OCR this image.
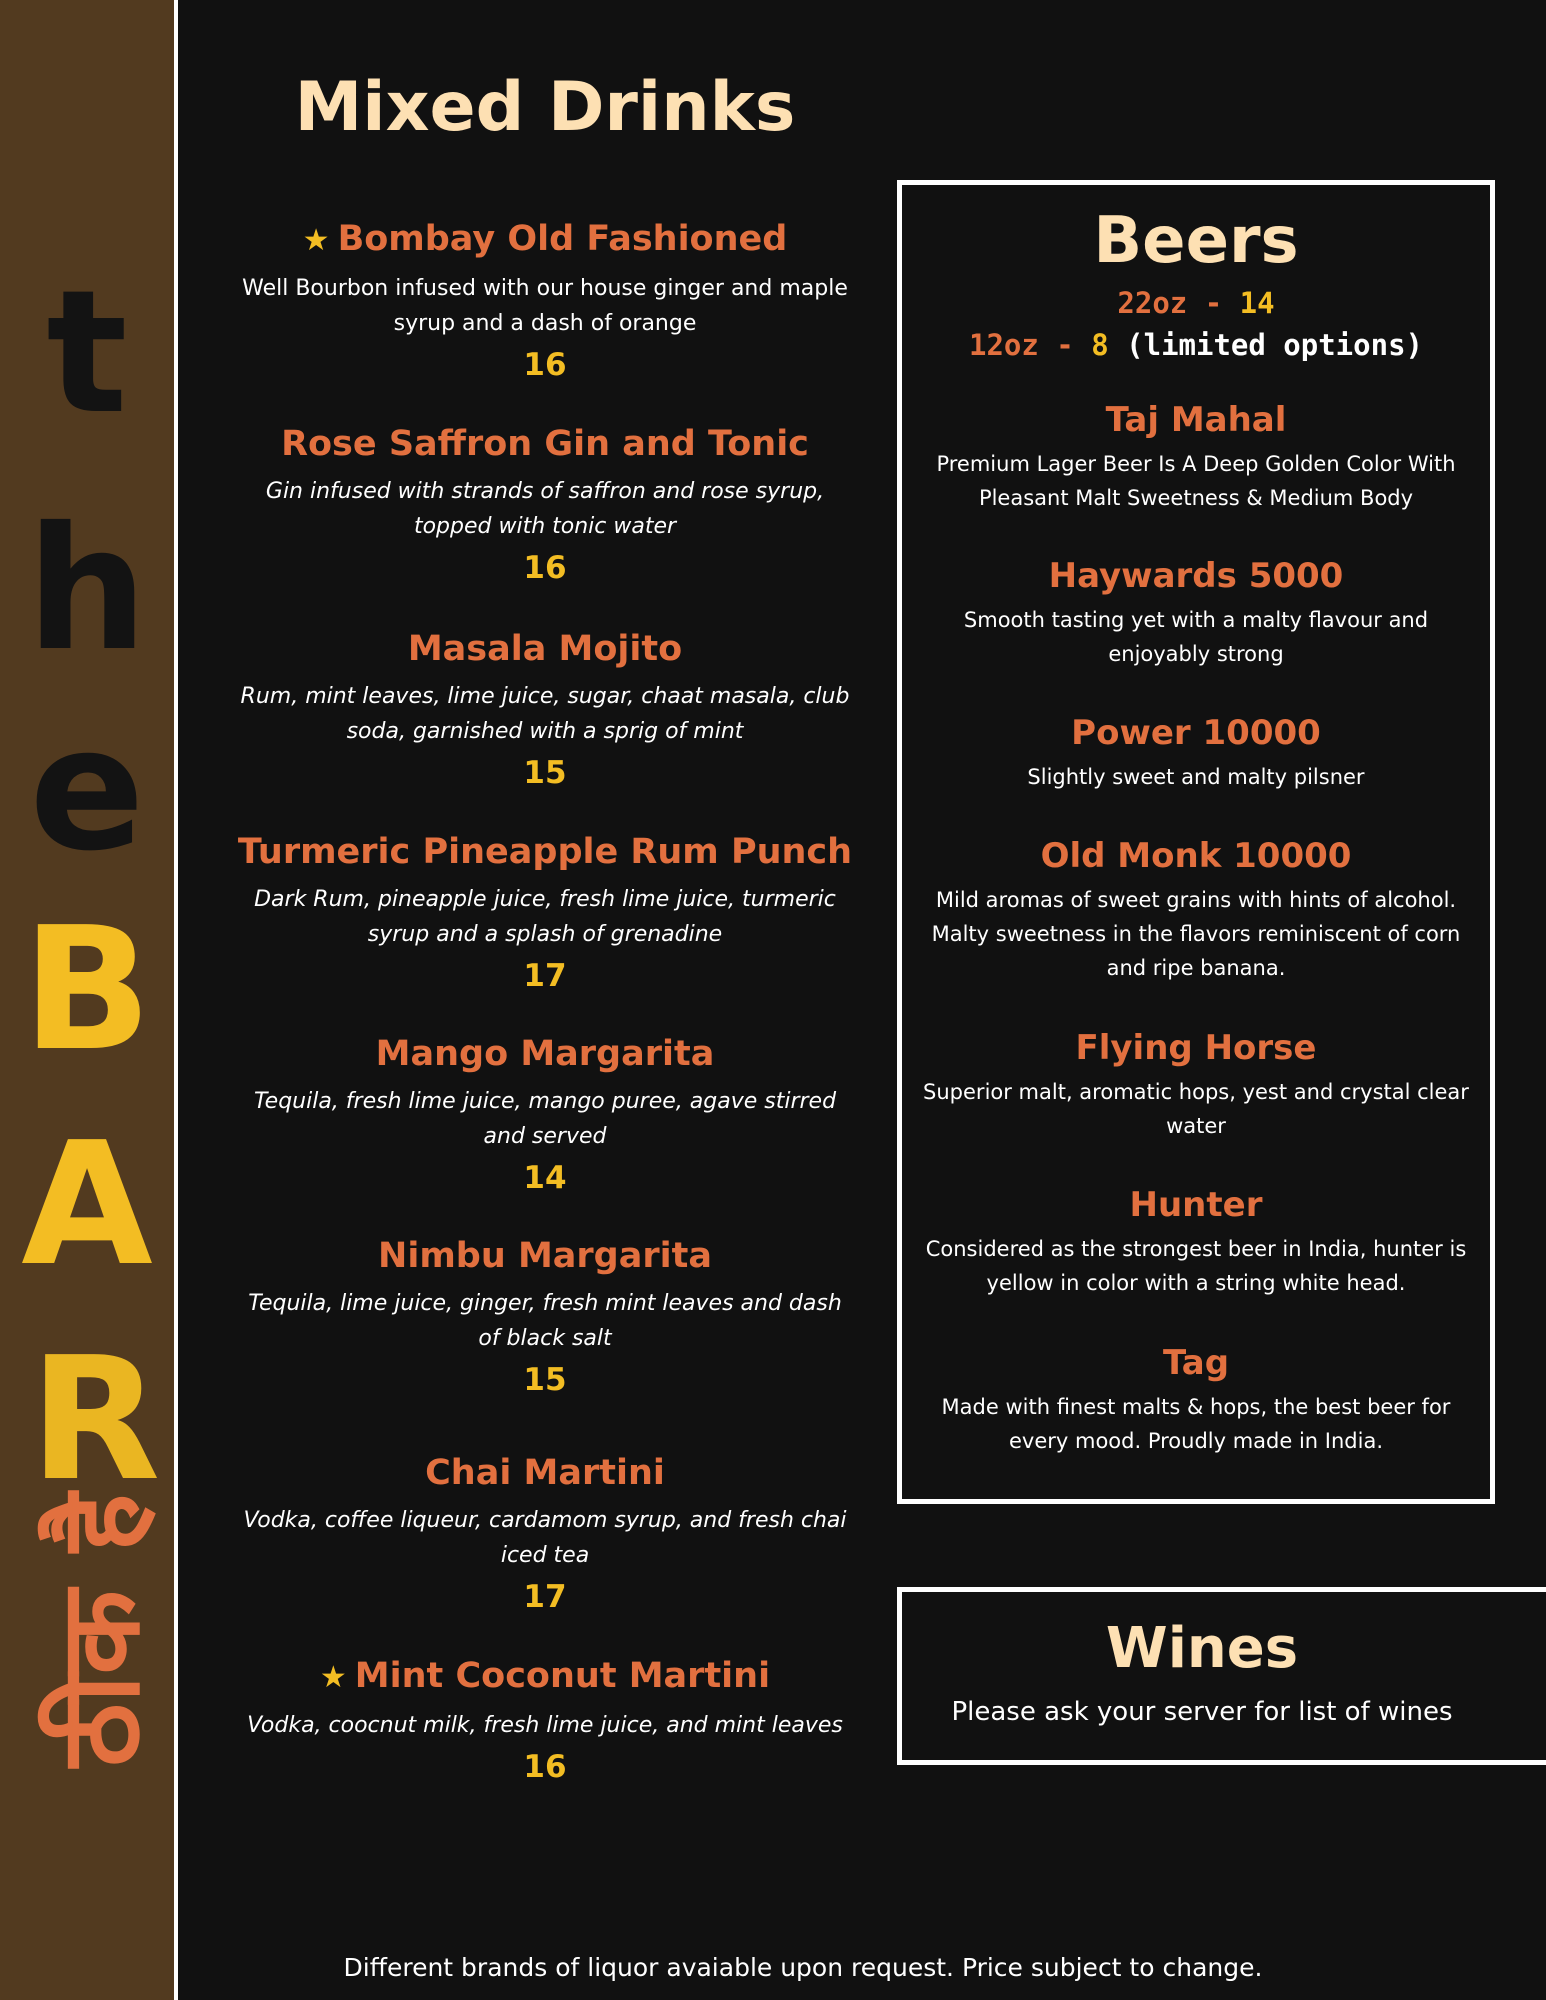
t
h
e
B
A
R
ठीक है
Mixed Drinks
★ Bombay Old Fashioned
Well Bourbon infused with our house ginger and maple syrup and a dash of orange
16
Rose Saffron Gin and Tonic
Gin infused with strands of saffron and rose syrup, topped with tonic water
16
Masala Mojito
Rum, mint leaves, lime juice, sugar, chaat masala, club soda, garnished with a sprig of mint
15
Turmeric Pineapple Rum Punch
Dark Rum, pineapple juice, fresh lime juice, turmeric syrup and a splash of grenadine
17
Mango Margarita
Tequila, fresh lime juice, mango puree, agave stirred and served
14
Nimbu Margarita
Tequila, lime juice, ginger, fresh mint leaves and dash of black salt
15
Chai Martini
Vodka, coffee liqueur, cardamom syrup, and fresh chai iced tea
17
★ Mint Coconut Martini
Vodka, coocnut milk, fresh lime juice, and mint leaves
16
Beers
22oz - 14
12oz - 8 (limited options)
Taj Mahal
Premium Lager Beer Is A Deep Golden Color With Pleasant Malt Sweetness & Medium Body
Haywards 5000
Smooth tasting yet with a malty flavour and enjoyably strong
Power 10000
Slightly sweet and malty pilsner
Old Monk 10000
Mild aromas of sweet grains with hints of alcohol. Malty sweetness in the flavors reminiscent of corn and ripe banana.
Flying Horse
Superior malt, aromatic hops, yest and crystal clear water
Hunter
Considered as the strongest beer in India, hunter is yellow in color with a string white head.
Tag
Made with finest malts & hops, the best beer for every mood. Proudly made in India.
Wines
Please ask your server for list of wines
Different brands of liquor avaiable upon request. Price subject to change.
